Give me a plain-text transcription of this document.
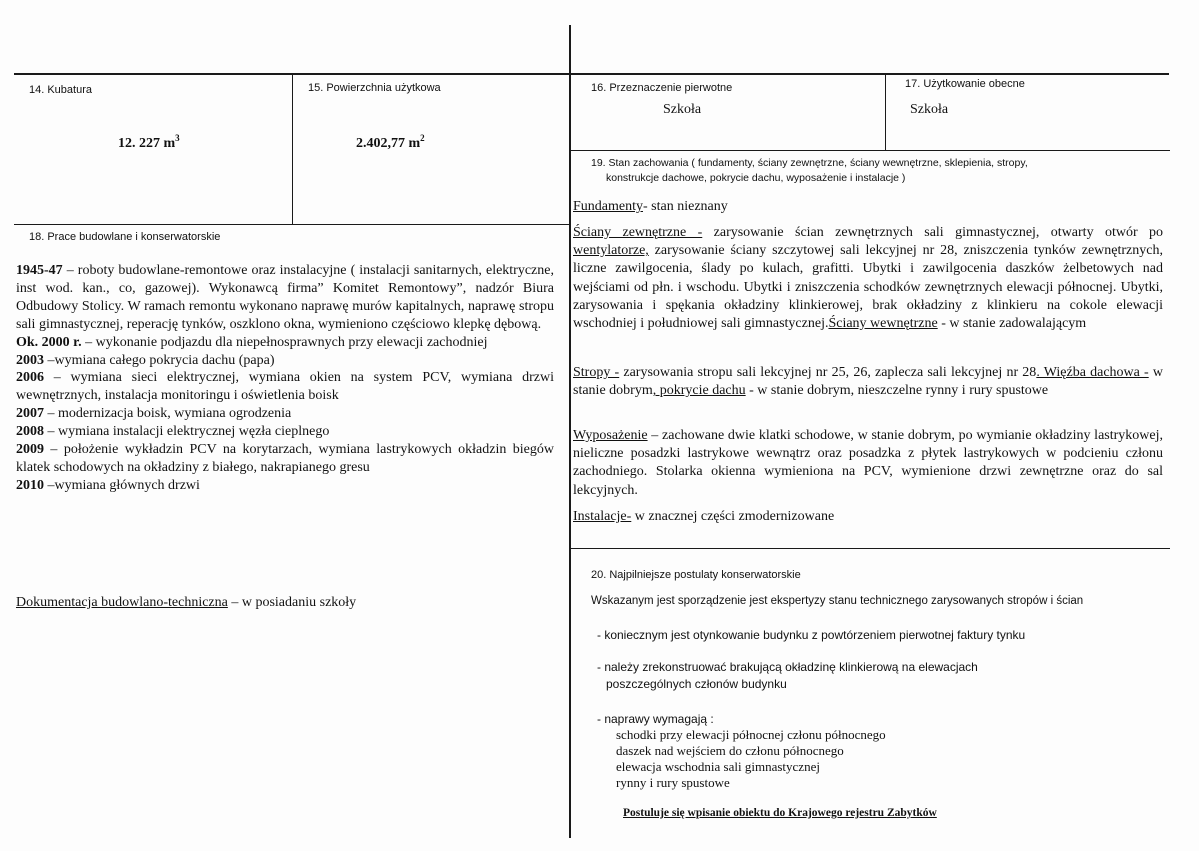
14. Kubatura
12. 227 $m^3$
15. Powierzchnia użytkowa
2.402,77 $m^2$
18. Prace budowlane i konserwatorskie

1945-47 – roboty budowlane-remontowe oraz instalacyjne ( instalacji sanitarnych, elektryczne, inst wod. kan., co, gazowej). Wykonawcą firma” Komitet Remontowy”, nadzór Biura Odbudowy Stolicy. W ramach remontu wykonano naprawę murów kapitalnych, naprawę stropu sali gimnastycznej, reperację tynków, oszklono okna, wymieniono częściowo klepkę dębową.

Ok. 2000 r. – wykonanie podjazdu dla niepełnosprawnych przy elewacji zachodniej

2003 –wymiana całego pokrycia dachu (papa)

2006 – wymiana sieci elektrycznej, wymiana okien na system PCV, wymiana drzwi wewnętrznych, instalacja monitoringu i oświetlenia boisk

2007 – modernizacja boisk, wymiana ogrodzenia

2008 – wymiana instalacji elektrycznej węzła cieplnego

2009 – położenie wykładzin PCV na korytarzach, wymiana lastrykowych okładzin biegów klatek schodowych na okładziny z białego, nakrapianego gresu

2010 –wymiana głównych drzwi

Dokumentacja budowlano-techniczna – w posiadaniu szkoły
16. Przeznaczenie pierwotne
Szkoła
17. Użytkowanie obecne
Szkoła
19. Stan zachowania ( fundamenty, ściany zewnętrzne, ściany wewnętrzne, sklepienia, stropy,
konstrukcje dachowe, pokrycie dachu, wyposażenie i instalacje )
Fundamenty- stan nieznany

Ściany zewnętrzne - zarysowanie ścian zewnętrznych sali gimnastycznej, otwarty otwór po wentylatorze, zarysowanie ściany szczytowej sali lekcyjnej nr 28, zniszczenia tynków zewnętrznych, liczne zawilgocenia, ślady po kulach, grafitti. Ubytki i zawilgocenia daszków żelbetowych nad wejściami od płn. i wschodu. Ubytki i zniszczenia schodków zewnętrznych elewacji północnej. Ubytki, zarysowania i spękania okładziny klinkierowej, brak okładziny z klinkieru na cokole elewacji wschodniej i południowej sali gimnastycznej.Ściany wewnętrzne - w stanie zadowalającym

Stropy - zarysowania stropu sali lekcyjnej nr 25, 26, zaplecza sali lekcyjnej nr 28. Więźba dachowa - w stanie dobrym, pokrycie dachu - w stanie dobrym, nieszczelne rynny i rury spustowe

Wyposażenie – zachowane dwie klatki schodowe, w stanie dobrym, po wymianie okładziny lastrykowej, nieliczne posadzki lastrykowe wewnątrz oraz posadzka z płytek lastrykowych w podcieniu członu zachodniego. Stolarka okienna wymieniona na PCV, wymienione drzwi zewnętrzne oraz do sal lekcyjnych.

Instalacje- w znacznej części zmodernizowane
20. Najpilniejsze postulaty konserwatorskie
Wskazanym jest sporządzenie jest ekspertyzy stanu technicznego zarysowanych stropów i ścian
- koniecznym jest otynkowanie budynku z powtórzeniem pierwotnej faktury tynku
- należy zrekonstruować brakującą okładzinę klinkierową na elewacjach
poszczególnych członów budynku
- naprawy wymagają :
schodki przy elewacji północnej członu północnego
daszek nad wejściem do członu północnego
elewacja wschodnia sali gimnastycznej
rynny i rury spustowe
Postuluje się wpisanie obiektu do Krajowego rejestru Zabytków
